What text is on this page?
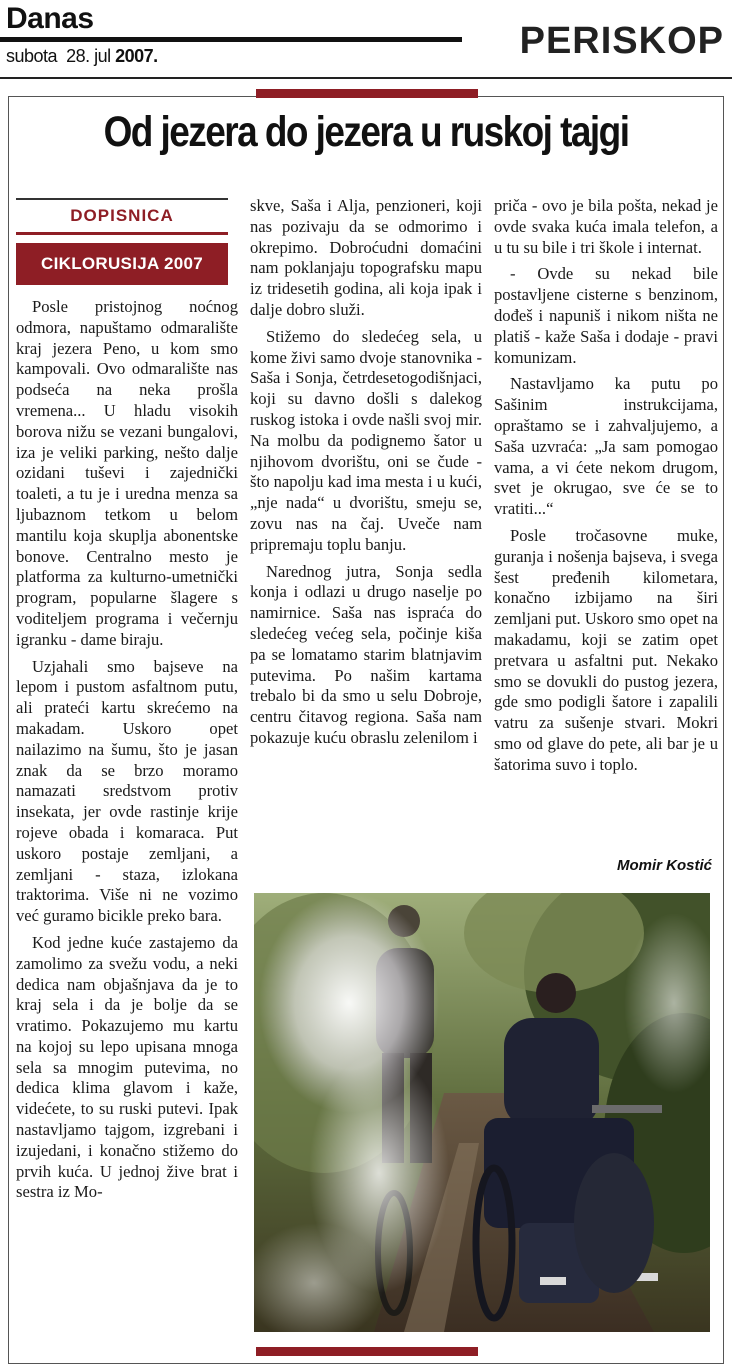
Danas
subota 28. jul 2007.	PERISKOP
Od jezera do jezera u ruskoj tajgi
DOPISNICA
CIKLORUSIJA 2007

Posle pristojnog noćnog odmora, napuštamo odmaralište kraj jezera Peno, u kom smo kampovali. Ovo odmaralište nas podseća na neka prošla vremena... U hladu visokih borova nižu se vezani bungalovi, iza je veliki parking, nešto dalje ozidani tuševi i zajednički toaleti, a tu je i uredna menza sa ljubaznom tetkom u belom mantilu koja skuplja abonentske bonove. Centralno mesto je platforma za kulturno-umetnički program, popularne šlagere s voditeljem programa i večernju igranku - dame biraju.

Uzjahali smo bajseve na lepom i pustom asfaltnom putu, ali prateći kartu skrećemo na makadam. Uskoro opet nailazimo na šumu, što je jasan znak da se brzo moramo namazati sredstvom protiv insekata, jer ovde rastinje krije rojeve obada i komaraca. Put uskoro postaje zemljani, a zemljani - staza, izlokana traktorima. Više ni ne vozimo već guramo bicikle preko bara.

Kod jedne kuće zastajemo da zamolimo za svežu vodu, a neki dedica nam objašnjava da je to kraj sela i da je bolje da se vratimo. Pokazujemo mu kartu na kojoj su lepo upisana mnoga sela sa mnogim putevima, no dedica klima glavom i kaže, videćete, to su ruski putevi. Ipak nastavljamo tajgom, izgrebani i izujedani, i konačno stižemo do prvih kuća. U jednoj žive brat i sestra iz Mo-

skve, Saša i Alja, penzioneri, koji nas pozivaju da se odmorimo i okrepimo. Dobroćudni domaćini nam poklanjaju topografsku mapu iz tridesetih godina, ali koja ipak i dalje dobro služi.

Stižemo do sledećeg sela, u kome živi samo dvoje stanovnika - Saša i Sonja, četrdesetogodišnjaci, koji su davno došli s dalekog ruskog istoka i ovde našli svoj mir. Na molbu da podignemo šator u njihovom dvorištu, oni se čude - što napolju kad ima mesta i u kući, „nje nada“ u dvorištu, smeju se, zovu nas na čaj. Uveče nam pripremaju toplu banju.

Narednog jutra, Sonja sedla konja i odlazi u drugo naselje po namirnice. Saša nas ispraća do sledećeg većeg sela, počinje kiša pa se lomatamo starim blatnjavim putevima. Po našim kartama trebalo bi da smo u selu Dobroje, centru čitavog regiona. Saša nam pokazuje kuću obraslu zelenilom i

priča - ovo je bila pošta, nekad je ovde svaka kuća imala telefon, a u tu su bile i tri škole i internat.

- Ovde su nekad bile postavljene cisterne s benzinom, dođeš i napuniš i nikom ništa ne platiš - kaže Saša i dodaje - pravi komunizam.

Nastavljamo ka putu po Sašinim instrukcijama, opraštamo se i zahvaljujemo, a Saša uzvraća: „Ja sam pomogao vama, a vi ćete nekom drugom, svet je okrugao, sve će se to vratiti...“

Posle tročasovne muke, guranja i nošenja bajseva, i svega šest pređenih kilometara, konačno izbijamo na širi zemljani put. Uskoro smo opet na makadamu, koji se zatim opet pretvara u asfaltni put. Nekako smo se dovukli do pustog jezera, gde smo podigli šatore i zapalili vatru za sušenje stvari. Mokri smo od glave do pete, ali bar je u šatorima suvo i toplo.

Momir Kostić
